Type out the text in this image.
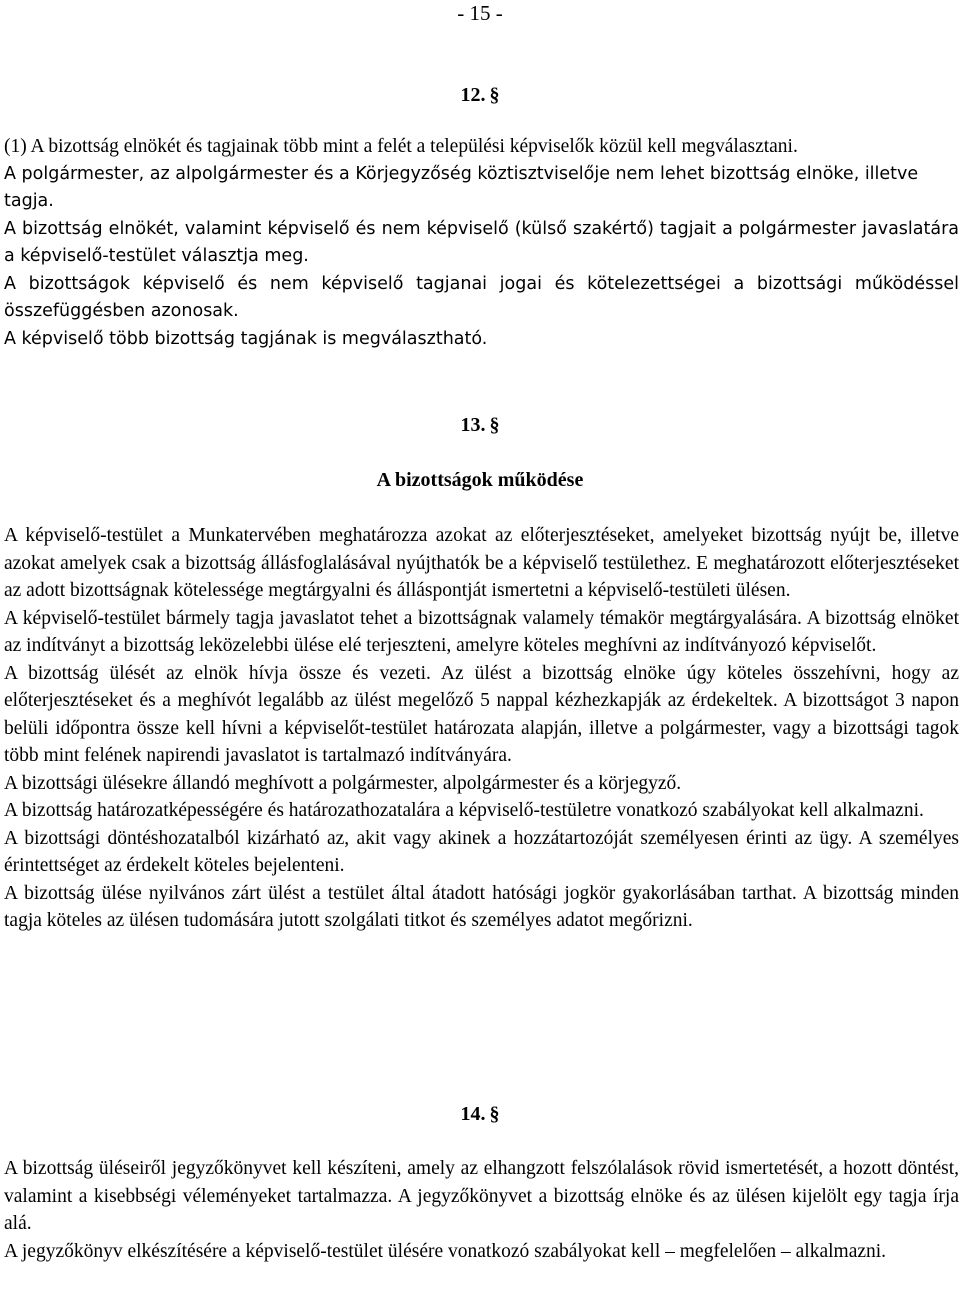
- 15 -
12. §

(1) A bizottság elnökét és tagjainak több mint a felét a települési képviselők közül kell megválasztani.

A polgármester, az alpolgármester és a Körjegyzőség köztisztviselője nem lehet bizottság elnöke, illetve tagja.

A bizottság elnökét, valamint képviselő és nem képviselő (külső szakértő) tagjait a polgármester javaslatára a képviselő-testület választja meg.

A bizottságok képviselő és nem képviselő tagjanai jogai és kötelezettségei a bizottsági működéssel összefüggésben azonosak.

A képviselő több bizottság tagjának is megválasztható.

13. §
A bizottságok működése

A képviselő-testület a Munkatervében meghatározza azokat az előterjesztéseket, amelyeket bizottság nyújt be, illetve azokat amelyek csak a bizottság állásfoglalásával nyújthatók be a képviselő testülethez. E meghatározott előterjesztéseket az adott bizottságnak kötelessége megtárgyalni és álláspontját ismertetni a képviselő-testületi ülésen.

A képviselő-testület bármely tagja javaslatot tehet a bizottságnak valamely témakör megtárgyalására. A bizottság elnöket az indítványt a bizottság leközelebbi ülése elé terjeszteni, amelyre köteles meghívni az indítványozó képviselőt.

A bizottság ülését az elnök hívja össze és vezeti. Az ülést a bizottság elnöke úgy köteles összehívni, hogy az előterjesztéseket és a meghívót legalább az ülést megelőző 5 nappal kézhezkapják az érdekeltek. A bizottságot 3 napon belüli időpontra össze kell hívni a képviselőt-testület határozata alapján, illetve a polgármester, vagy a bizottsági tagok több mint felének napirendi javaslatot is tartalmazó indítványára.

A bizottsági ülésekre állandó meghívott a polgármester, alpolgármester és a körjegyző.

A bizottság határozatképességére és határozathozatalára a képviselő-testületre vonatkozó szabályokat kell alkalmazni.

A bizottsági döntéshozatalból kizárható az, akit vagy akinek a hozzátartozóját személyesen érinti az ügy. A személyes érintettséget az érdekelt köteles bejelenteni.

A bizottság ülése nyilvános zárt ülést a testület által átadott hatósági jogkör gyakorlásában tarthat. A bizottság minden tagja köteles az ülésen tudomására jutott szolgálati titkot és személyes adatot megőrizni.

14. §

A bizottság üléseiről jegyzőkönyvet kell készíteni, amely az elhangzott felszólalások rövid ismertetését, a hozott döntést, valamint a kisebbségi véleményeket tartalmazza. A jegyzőkönyvet a bizottság elnöke és az ülésen kijelölt egy tagja írja alá.

A jegyzőkönyv elkészítésére a képviselő-testület ülésére vonatkozó szabályokat kell – megfelelően – alkalmazni.
